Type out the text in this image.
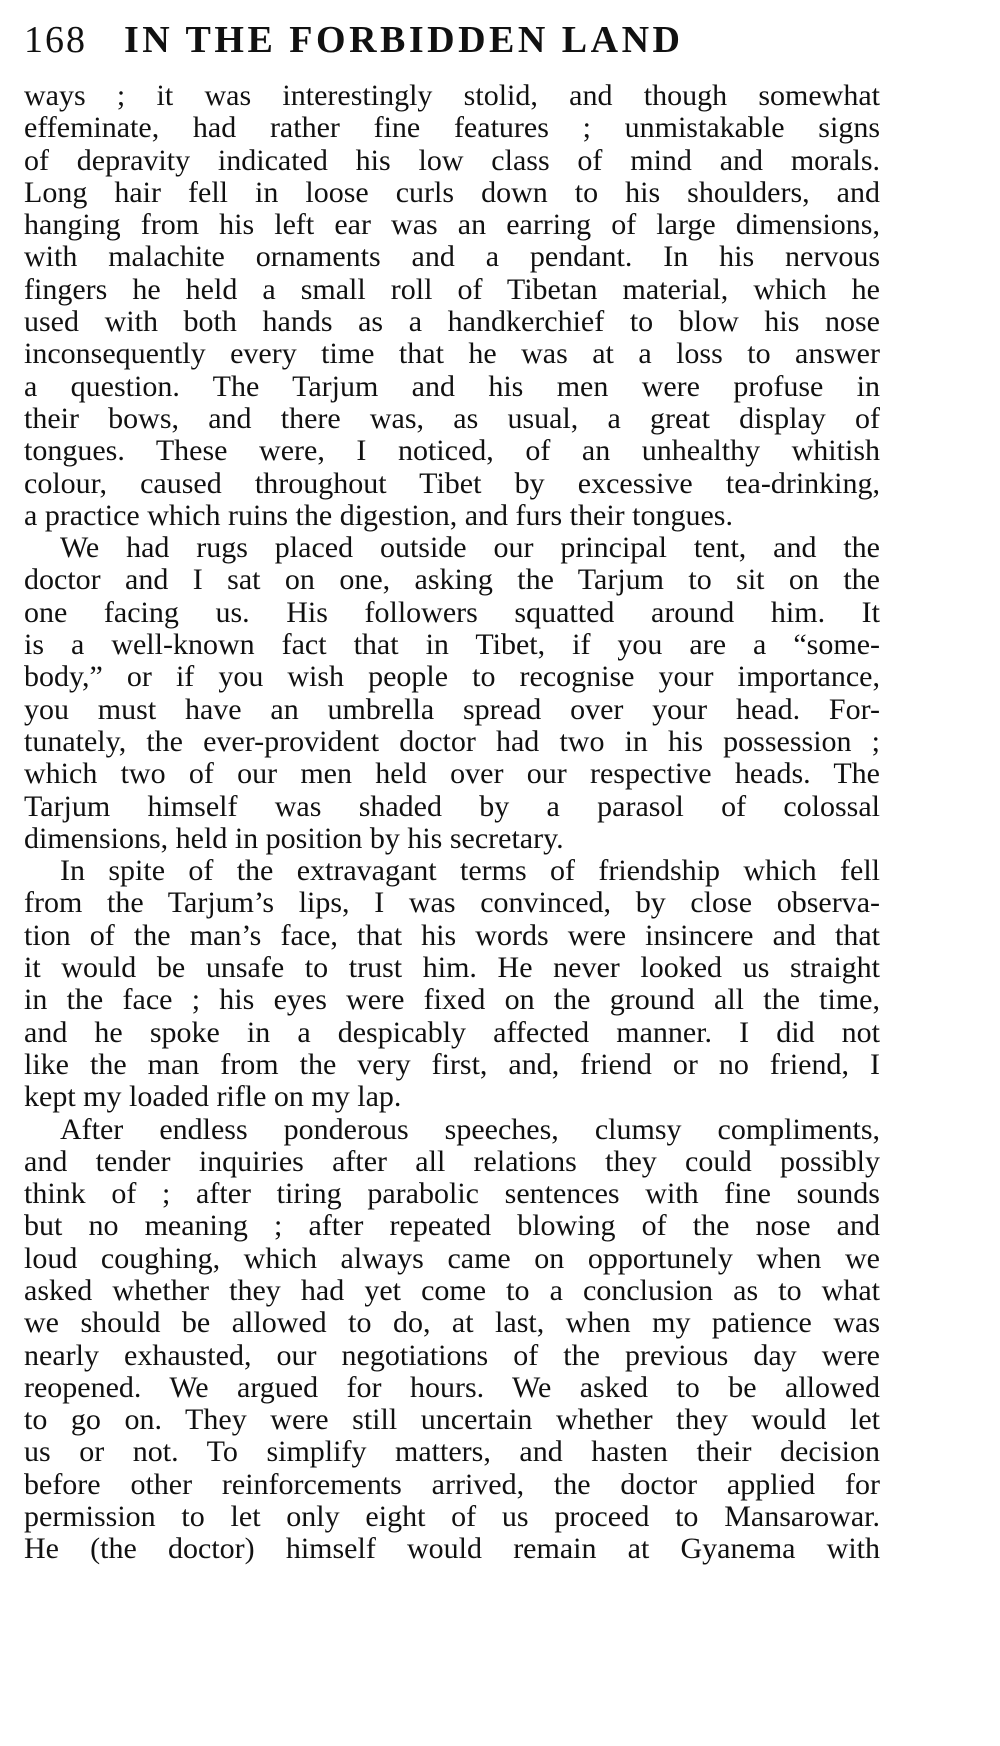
168 IN THE FORBIDDEN LAND
ways ; it was interestingly stolid, and though somewhat
effeminate, had rather fine features ; unmistakable signs
of depravity indicated his low class of mind and morals.
Long hair fell in loose curls down to his shoulders, and
hanging from his left ear was an earring of large dimensions,
with malachite ornaments and a pendant. In his nervous
fingers he held a small roll of Tibetan material, which he
used with both hands as a handkerchief to blow his nose
inconsequently every time that he was at a loss to answer
a question. The Tarjum and his men were profuse in
their bows, and there was, as usual, a great display of
tongues. These were, I noticed, of an unhealthy whitish
colour, caused throughout Tibet by excessive tea-drinking,
a practice which ruins the digestion, and furs their tongues.
We had rugs placed outside our principal tent, and the
doctor and I sat on one, asking the Tarjum to sit on the
one facing us. His followers squatted around him. It
is a well-known fact that in Tibet, if you are a “some-
body,” or if you wish people to recognise your importance,
you must have an umbrella spread over your head. For-
tunately, the ever-provident doctor had two in his possession ;
which two of our men held over our respective heads. The
Tarjum himself was shaded by a parasol of colossal
dimensions, held in position by his secretary.
In spite of the extravagant terms of friendship which fell
from the Tarjum’s lips, I was convinced, by close observa-
tion of the man’s face, that his words were insincere and that
it would be unsafe to trust him. He never looked us straight
in the face ; his eyes were fixed on the ground all the time,
and he spoke in a despicably affected manner. I did not
like the man from the very first, and, friend or no friend, I
kept my loaded rifle on my lap.
After endless ponderous speeches, clumsy compliments,
and tender inquiries after all relations they could possibly
think of ; after tiring parabolic sentences with fine sounds
but no meaning ; after repeated blowing of the nose and
loud coughing, which always came on opportunely when we
asked whether they had yet come to a conclusion as to what
we should be allowed to do, at last, when my patience was
nearly exhausted, our negotiations of the previous day were
reopened. We argued for hours. We asked to be allowed
to go on. They were still uncertain whether they would let
us or not. To simplify matters, and hasten their decision
before other reinforcements arrived, the doctor applied for
permission to let only eight of us proceed to Mansarowar.
He (the doctor) himself would remain at Gyanema with
